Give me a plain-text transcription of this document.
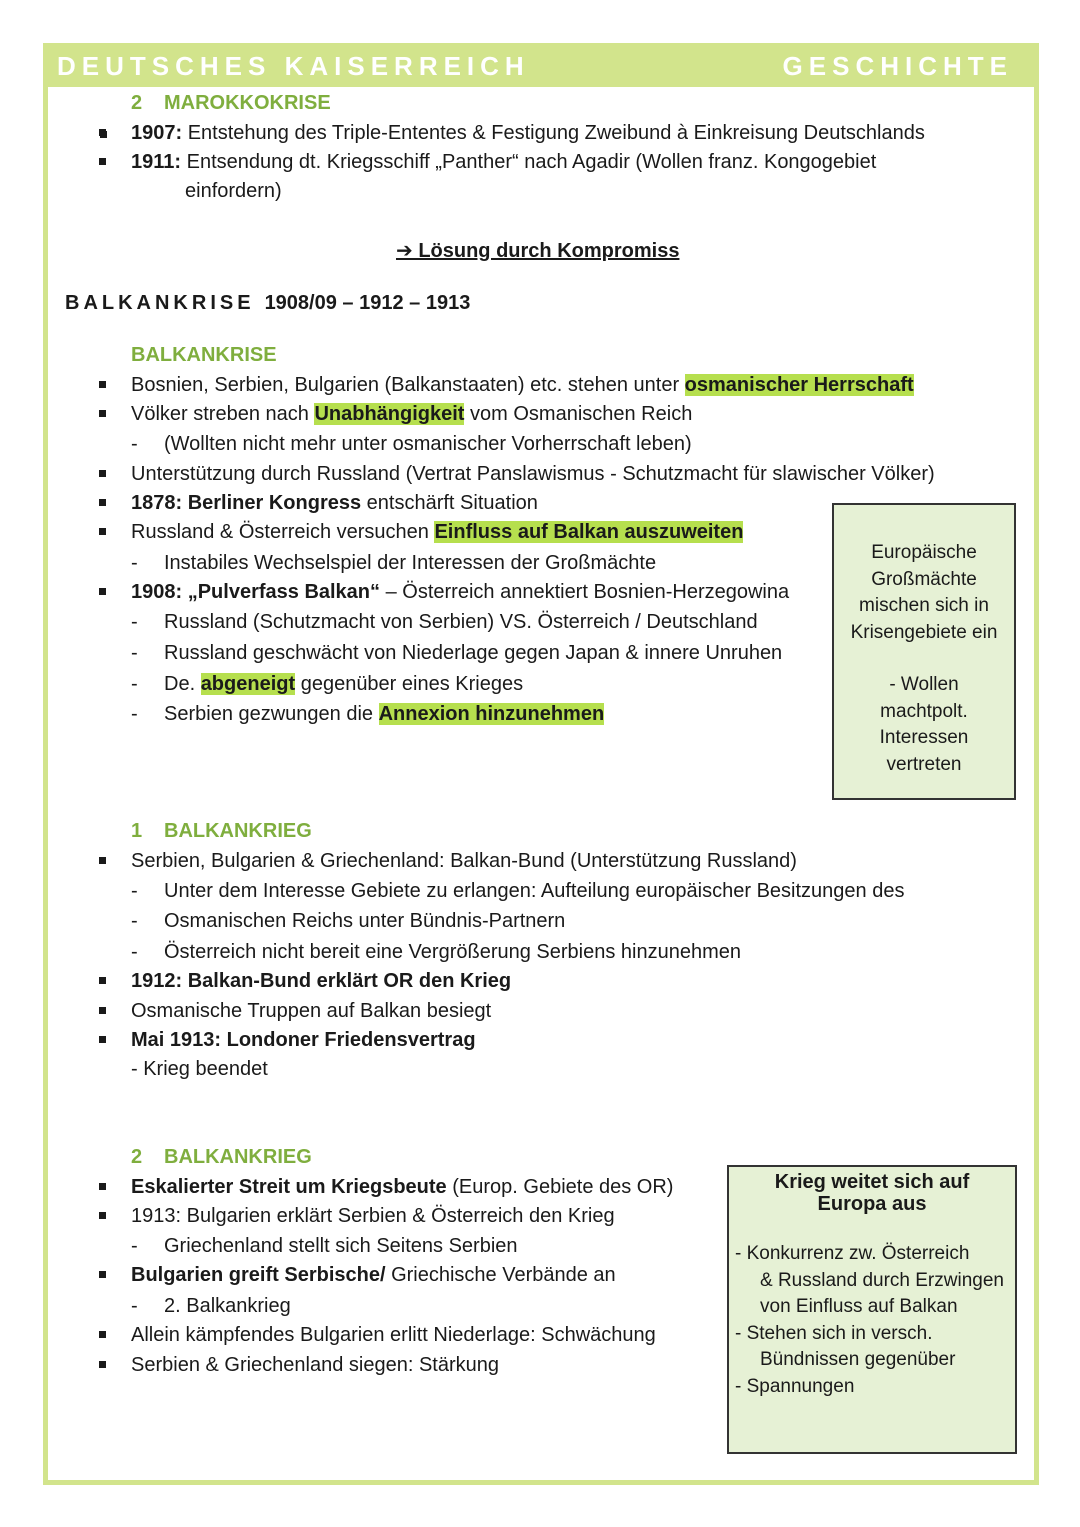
DEUTSCHES KAISERREICH	GESCHICHTE
2 MAROKKOKRISE
1907: Entstehung des Triple-Ententes & Festigung Zweibund à Einkreisung Deutschlands
1911: Entsendung dt. Kriegsschiff „Panther“ nach Agadir (Wollen franz. Kongogebiet
einfordern)
➔ Lösung durch Kompromiss
BALKANKRISE 1908/09 – 1912 – 1913
BALKANKRISE
Bosnien, Serbien, Bulgarien (Balkanstaaten) etc. stehen unter osmanischer Herrschaft
Völker streben nach Unabhängigkeit vom Osmanischen Reich
(Wollten nicht mehr unter osmanischer Vorherrschaft leben)
Unterstützung durch Russland (Vertrat Panslawismus - Schutzmacht für slawischer Völker)
1878: Berliner Kongress entschärft Situation
Russland & Österreich versuchen Einfluss auf Balkan auszuweiten
Instabiles Wechselspiel der Interessen der Großmächte
1908: „Pulverfass Balkan“ – Österreich annektiert Bosnien-Herzegowina
Russland (Schutzmacht von Serbien) VS. Österreich / Deutschland
Russland geschwächt von Niederlage gegen Japan & innere Unruhen
De. abgeneigt gegenüber eines Krieges
Serbien gezwungen die Annexion hinzunehmen
-
-
-
-
-
-
Europäische
Großmächte
mischen sich in
Krisengebiete ein
- Wollen
machtpolt.
Interessen
vertreten
1 BALKANKRIEG
Serbien, Bulgarien & Griechenland: Balkan-Bund (Unterstützung Russland)
Unter dem Interesse Gebiete zu erlangen: Aufteilung europäischer Besitzungen des
Osmanischen Reichs unter Bündnis-Partnern
Österreich nicht bereit eine Vergrößerung Serbiens hinzunehmen
1912: Balkan-Bund erklärt OR den Krieg
Osmanische Truppen auf Balkan besiegt
Mai 1913: Londoner Friedensvertrag
- Krieg beendet
-
-
-
2 BALKANKRIEG
Eskalierter Streit um Kriegsbeute (Europ. Gebiete des OR)
1913: Bulgarien erklärt Serbien & Österreich den Krieg
Griechenland stellt sich Seitens Serbien
Bulgarien greift Serbische/ Griechische Verbände an
2. Balkankrieg
Allein kämpfendes Bulgarien erlitt Niederlage: Schwächung
Serbien & Griechenland siegen: Stärkung
-
-
Krieg weitet sich auf
Europa aus
- Konkurrenz zw. Österreich
& Russland durch Erzwingen
von Einfluss auf Balkan
- Stehen sich in versch.
Bündnissen gegenüber
- Spannungen
